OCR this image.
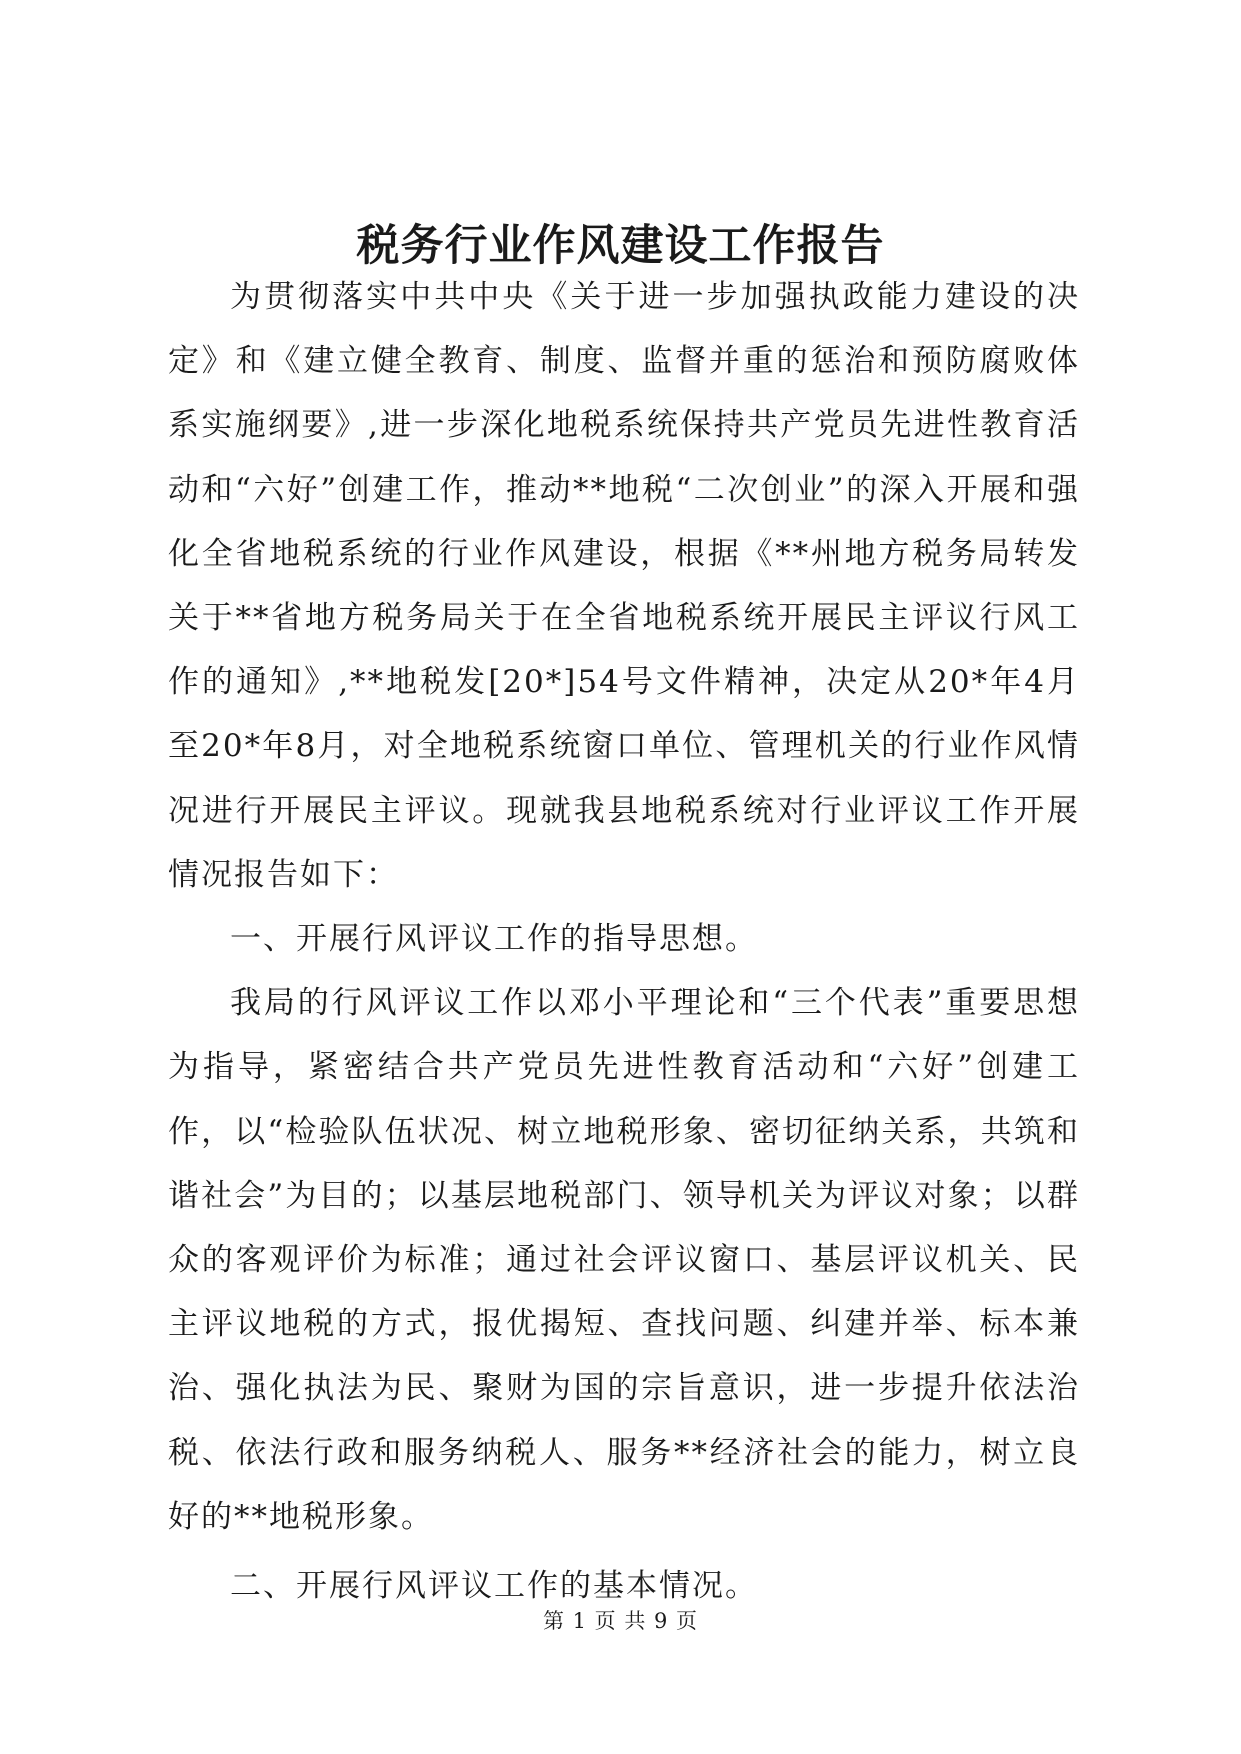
税务行业作风建设工作报告

为贯彻落实中共中央《关于进一步加强执政能力建设的决定》和《建立健全教育、制度、监督并重的惩治和预防腐败体系实施纲要》,进一步深化地税系统保持共产党员先进性教育活动和“六好”创建工作，推动**地税“二次创业”的深入开展和强化全省地税系统的行业作风建设，根据《**州地方税务局转发关于**省地方税务局关于在全省地税系统开展民主评议行风工作的通知》,**地税发[20*]54号文件精神，决定从20*年4月至20*年8月，对全地税系统窗口单位、管理机关的行业作风情况进行开展民主评议。现就我县地税系统对行业评议工作开展情况报告如下：

一、开展行风评议工作的指导思想。

我局的行风评议工作以邓小平理论和“三个代表”重要思想为指导，紧密结合共产党员先进性教育活动和“六好”创建工作，以“检验队伍状况、树立地税形象、密切征纳关系，共筑和谐社会”为目的；以基层地税部门、领导机关为评议对象；以群众的客观评价为标准；通过社会评议窗口、基层评议机关、民主评议地税的方式，报优揭短、查找问题、纠建并举、标本兼治、强化执法为民、聚财为国的宗旨意识，进一步提升依法治税、依法行政和服务纳税人、服务**经济社会的能力，树立良好的**地税形象。

二、开展行风评议工作的基本情况。

第 1 页 共 9 页
